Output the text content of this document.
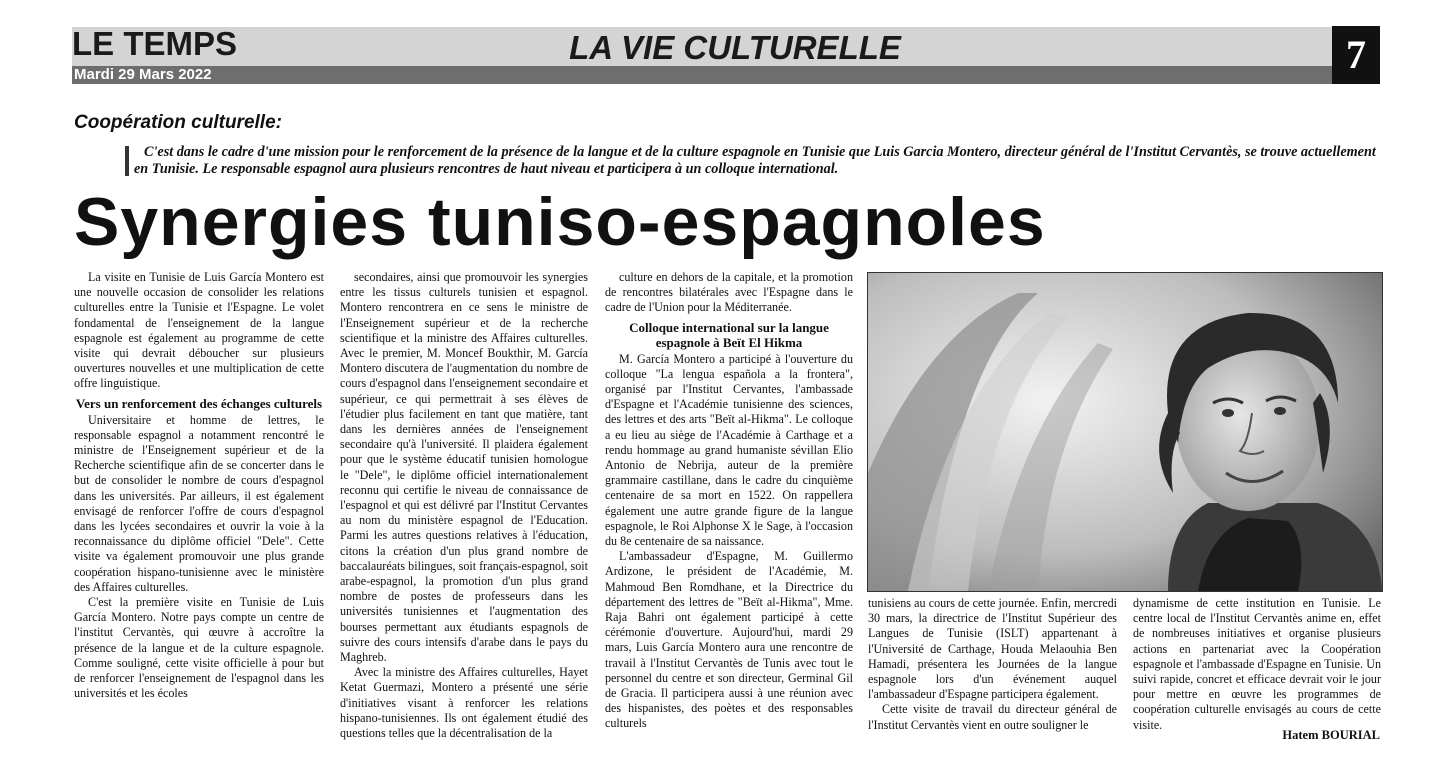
LE TEMPS
Mardi 29 Mars 2022
LA VIE CULTURELLE	7
Coopération culturelle:
C'est dans le cadre d'une mission pour le renforcement de la présence de la langue et de la culture espagnole en Tunisie que Luis Garcia Montero, directeur général de l'Institut Cervantès, se trouve actuellement en Tunisie. Le responsable espagnol aura plusieurs rencontres de haut niveau et participera à un colloque international.
Synergies tuniso-espagnoles

La visite en Tunisie de Luis García Montero est une nouvelle occasion de consolider les relations culturelles entre la Tunisie et l'Espagne. Le volet fondamental de l'enseignement de la langue espagnole est également au programme de cette visite qui devrait déboucher sur plusieurs ouvertures nouvelles et une multiplication de cette offre linguistique.

Vers un renforcement des échanges culturels

Universitaire et homme de lettres, le responsable espagnol a notamment rencontré le ministre de l'Enseignement supérieur et de la Recherche scientifique afin de se concerter dans le but de consolider le nombre de cours d'espagnol dans les universités. Par ailleurs, il est également envisagé de renforcer l'offre de cours d'espagnol dans les lycées secondaires et ouvrir la voie à la reconnaissance du diplôme officiel "Dele". Cette visite va également promouvoir une plus grande coopération hispano-tunisienne avec le ministère des Affaires culturelles.

C'est la première visite en Tunisie de Luis García Montero. Notre pays compte un centre de l'institut Cervantès, qui œuvre à accroître la présence de la langue et de la culture espagnole. Comme souligné, cette visite officielle à pour but de renforcer l'enseignement de l'espagnol dans les universités et les écoles

secondaires, ainsi que promouvoir les synergies entre les tissus culturels tunisien et espagnol. Montero rencontrera en ce sens le ministre de l'Enseignement supérieur et de la recherche scientifique et la ministre des Affaires culturelles. Avec le premier, M. Moncef Boukthir, M. García Montero discutera de l'augmentation du nombre de cours d'espagnol dans l'enseignement secondaire et supérieur, ce qui permettrait à ses élèves de l'étudier plus facilement en tant que matière, tant dans les dernières années de l'enseignement secondaire qu'à l'université. Il plaidera également pour que le système éducatif tunisien homologue le "Dele", le diplôme officiel internationalement reconnu qui certifie le niveau de connaissance de l'espagnol et qui est délivré par l'Institut Cervantes au nom du ministère espagnol de l'Education. Parmi les autres questions relatives à l'éducation, citons la création d'un plus grand nombre de baccalauréats bilingues, soit français-espagnol, soit arabe-espagnol, la promotion d'un plus grand nombre de postes de professeurs dans les universités tunisiennes et l'augmentation des bourses permettant aux étudiants espagnols de suivre des cours intensifs d'arabe dans le pays du Maghreb.

Avec la ministre des Affaires culturelles, Hayet Ketat Guermazi, Montero a présenté une série d'initiatives visant à renforcer les relations hispano-tunisiennes. Ils ont également étudié des questions telles que la décentralisation de la

culture en dehors de la capitale, et la promotion de rencontres bilatérales avec l'Espagne dans le cadre de l'Union pour la Méditerranée.

Colloque international sur la langue espagnole à Beït El Hikma

M. García Montero a participé à l'ouverture du colloque "La lengua española a la frontera", organisé par l'Institut Cervantes, l'ambassade d'Espagne et l'Académie tunisienne des sciences, des lettres et des arts "Beït al-Hikma". Le colloque a eu lieu au siège de l'Académie à Carthage et a rendu hommage au grand humaniste sévillan Elio Antonio de Nebrija, auteur de la première grammaire castillane, dans le cadre du cinquième centenaire de sa mort en 1522. On rappellera également une autre grande figure de la langue espagnole, le Roi Alphonse X le Sage, à l'occasion du 8e centenaire de sa naissance.

L'ambassadeur d'Espagne, M. Guillermo Ardizone, le président de l'Académie, M. Mahmoud Ben Romdhane, et la Directrice du département des lettres de "Beït al-Hikma", Mme. Raja Bahri ont également participé à cette cérémonie d'ouverture. Aujourd'hui, mardi 29 mars, Luis García Montero aura une rencontre de travail à l'Institut Cervantès de Tunis avec tout le personnel du centre et son directeur, Germinal Gil de Gracia. Il participera aussi à une réunion avec des hispanistes, des poètes et des responsables culturels

tunisiens au cours de cette journée. Enfin, mercredi 30 mars, la directrice de l'Institut Supérieur des Langues de Tunisie (ISLT) appartenant à l'Université de Carthage, Houda Melaouhia Ben Hamadi, présentera les Journées de la langue espagnole lors d'un événement auquel l'ambassadeur d'Espagne participera également.

Cette visite de travail du directeur général de l'Institut Cervantès vient en outre souligner le

dynamisme de cette institution en Tunisie. Le centre local de l'Institut Cervantès anime en, effet de nombreuses initiatives et organise plusieurs actions en partenariat avec la Coopération espagnole et l'ambassade d'Espagne en Tunisie. Un suivi rapide, concret et efficace devrait voir le jour pour mettre en œuvre les programmes de coopération culturelle envisagés au cours de cette visite.

Hatem BOURIAL
